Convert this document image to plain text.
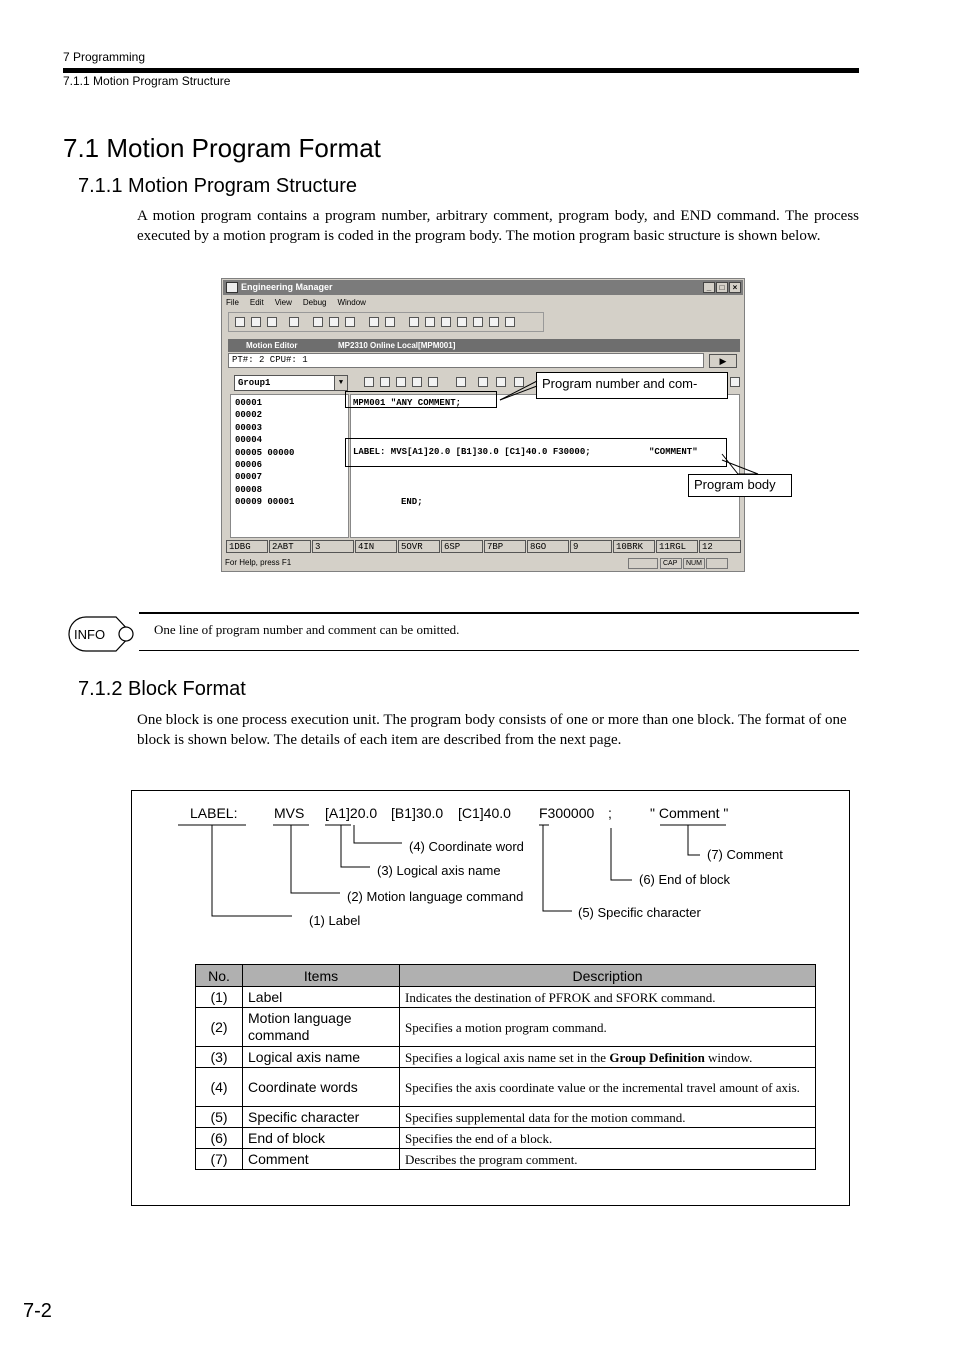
7 Programming
7.1.1 Motion Program Structure
7.1 Motion Program Format
7.1.1 Motion Program Structure
A motion program contains a program number, arbitrary comment, program body, and END command. The process executed by a motion program is coded in the program body. The motion program basic structure is shown below.
Engineering Manager	_	□	×
File Edit View Debug Window
Motion Editor	MP2310 Online Local[MPM001]
PT#: 2 CPU#: 1	▶
Group1	▼
00001
00002
00003
00004
00005 00000
00006
00007
00008
00009 00001
MPM001 "ANY COMMENT;
LABEL: MVS[A1]20.0 [B1]30.0 [C1]40.0 F30000;	"COMMENT"
END;
1DBG	2ABT	3	4IN	5OVR	6SP	7BP	8GO	9	10BRK	11RGL	12
For Help, press F1	CAP	NUM
Program number and com-
Program body
INFO	One line of program number and comment can be omitted.
7.1.2 Block Format
One block is one process execution unit. The program body consists of one or more than one block. The format of one block is shown below. The details of each item are described from the next page.
LABEL:	MVS [A1]20.0 [B1]30.0 [C1]40.0 F300000 ;	" Comment "
(1) Label
(2) Motion language command
(3) Logical axis name
(4) Coordinate word
(5) Specific character
(6) End of block
(7) Comment
No.	Items	Description
(1)	Label	Indicates the destination of PFROK and SFORK command.
(2)	Motion language command	Specifies a motion program command.
(3)	Logical axis name	Specifies a logical axis name set in the Group Definition window.
(4)	Coordinate words	Specifies the axis coordinate value or the incremental travel amount of axis.
(5)	Specific character	Specifies supplemental data for the motion command.
(6)	End of block	Specifies the end of a block.
(7)	Comment	Describes the program comment.
7-2
